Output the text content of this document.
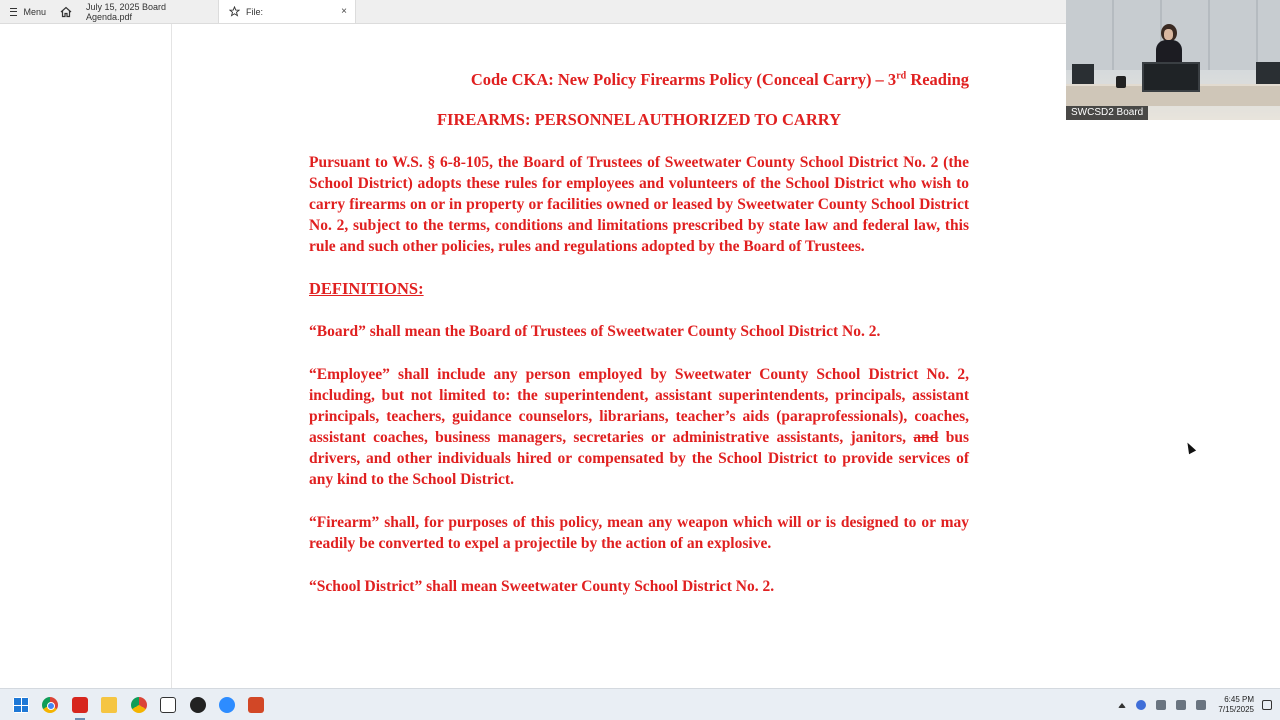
Menu	July 15, 2025 Board Agenda.pdf	File:	×
Code CKA: New Policy Firearms Policy (Conceal Carry) – 3rd Reading
FIREARMS: PERSONNEL AUTHORIZED TO CARRY

Pursuant to W.S. § 6-8-105, the Board of Trustees of Sweetwater County School District No. 2 (the School District) adopts these rules for employees and volunteers of the School District who wish to carry firearms on or in property or facilities owned or leased by Sweetwater County School District No. 2, subject to the terms, conditions and limitations prescribed by state law and federal law, this rule and such other policies, rules and regulations adopted by the Board of Trustees.

DEFINITIONS:

“Board” shall mean the Board of Trustees of Sweetwater County School District No. 2.

“Employee” shall include any person employed by Sweetwater County School District No. 2, including, but not limited to: the superintendent, assistant superintendents, principals, assistant principals, teachers, guidance counselors, librarians, teacher’s aids (paraprofessionals), coaches, assistant coaches, business managers, secretaries or administrative assistants, janitors, and bus drivers, and other individuals hired or compensated by the School District to provide services of any kind to the School District.

“Firearm” shall, for purposes of this policy, mean any weapon which will or is designed to or may readily be converted to expel a projectile by the action of an explosive.

“School District” shall mean Sweetwater County School District No. 2.

SWCSD2 Board
6:45 PM
7/15/2025
